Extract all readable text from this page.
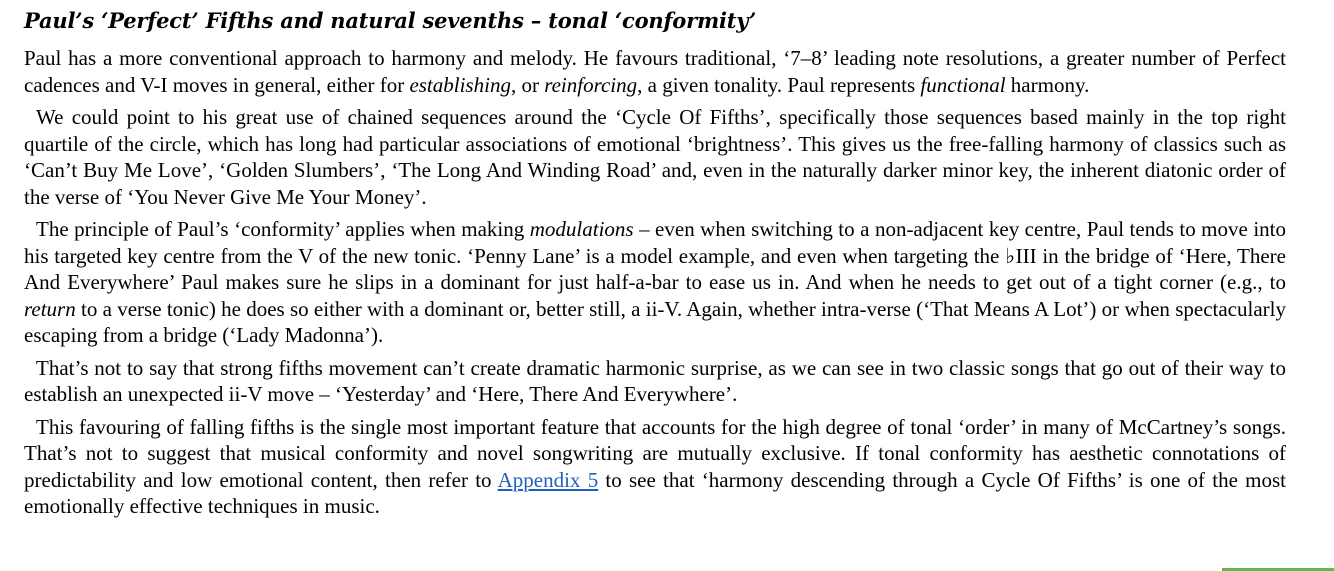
Paul’s ‘Perfect’ Fifths and natural sevenths – tonal ‘conformity’

Paul has a more conventional approach to harmony and melody. He favours traditional, ‘7–8’ leading note resolutions, a greater number of Perfect cadences and V-I moves in general, either for establishing, or reinforcing, a given tonality. Paul represents functional harmony.

We could point to his great use of chained sequences around the ‘Cycle Of Fifths’, specifically those sequences based mainly in the top right quartile of the circle, which has long had particular associations of emotional ‘brightness’. This gives us the free-falling harmony of classics such as ‘Can’t Buy Me Love’, ‘Golden Slumbers’, ‘The Long And Winding Road’ and, even in the naturally darker minor key, the inherent diatonic order of the verse of ‘You Never Give Me Your Money’.

The principle of Paul’s ‘conformity’ applies when making modulations – even when switching to a non-adjacent key centre, Paul tends to move into his targeted key centre from the V of the new tonic. ‘Penny Lane’ is a model example, and even when targeting the ♭III in the bridge of ‘Here, There And Everywhere’ Paul makes sure he slips in a dominant for just half-a-bar to ease us in. And when he needs to get out of a tight corner (e.g., to return to a verse tonic) he does so either with a dominant or, better still, a ii-V. Again, whether intra-verse (‘That Means A Lot’) or when spectacularly escaping from a bridge (‘Lady Madonna’).

That’s not to say that strong fifths movement can’t create dramatic harmonic surprise, as we can see in two classic songs that go out of their way to establish an unexpected ii-V move – ‘Yesterday’ and ‘Here, There And Everywhere’.

This favouring of falling fifths is the single most important feature that accounts for the high degree of tonal ‘order’ in many of McCartney’s songs. That’s not to suggest that musical conformity and novel songwriting are mutually exclusive. If tonal conformity has aesthetic connotations of predictability and low emotional content, then refer to Appendix 5 to see that ‘harmony descending through a Cycle Of Fifths’ is one of the most emotionally effective techniques in music.
